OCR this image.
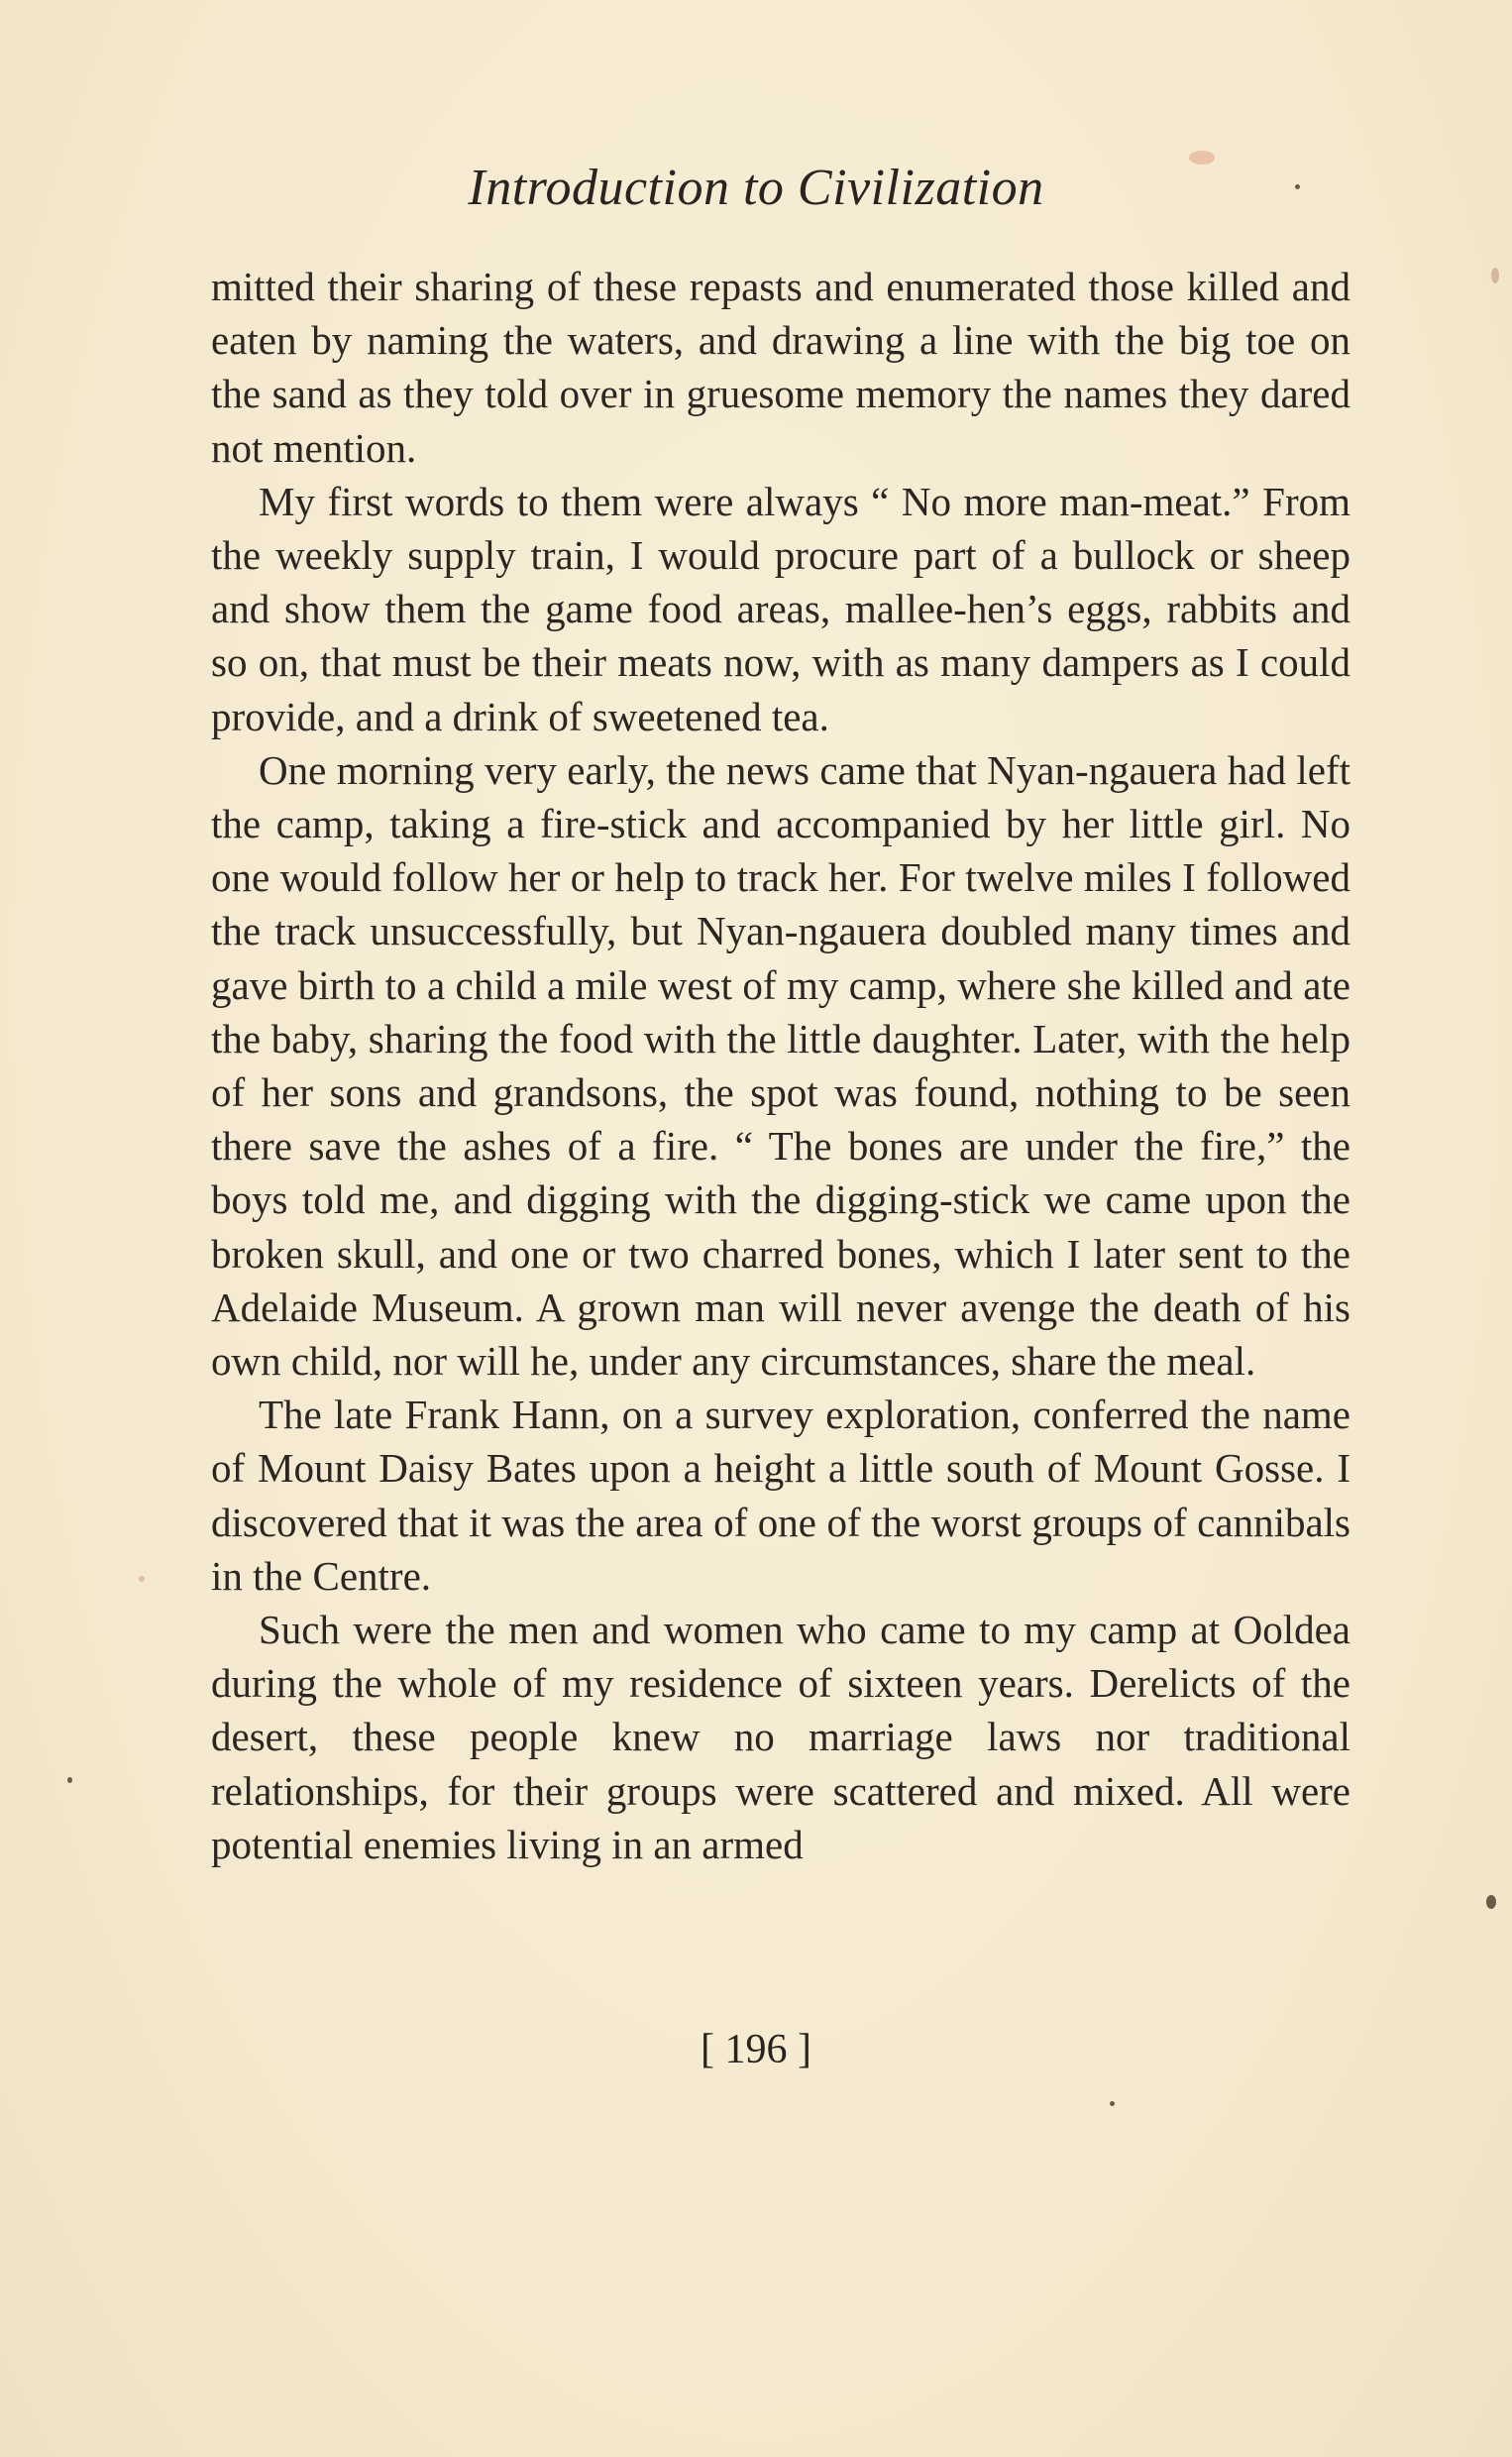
Introduction to Civilization

mitted their sharing of these repasts and enumerated those killed and eaten by naming the waters, and drawing a line with the big toe on the sand as they told over in gruesome memory the names they dared not mention.

My first words to them were always “ No more man-meat.” From the weekly supply train, I would procure part of a bullock or sheep and show them the game food areas, mallee-hen’s eggs, rabbits and so on, that must be their meats now, with as many dampers as I could provide, and a drink of sweetened tea.

One morning very early, the news came that Nyan-ngauera had left the camp, taking a fire-stick and accompanied by her little girl. No one would follow her or help to track her. For twelve miles I followed the track unsuccessfully, but Nyan-ngauera doubled many times and gave birth to a child a mile west of my camp, where she killed and ate the baby, sharing the food with the little daughter. Later, with the help of her sons and grandsons, the spot was found, nothing to be seen there save the ashes of a fire. “ The bones are under the fire,” the boys told me, and digging with the digging-stick we came upon the broken skull, and one or two charred bones, which I later sent to the Adelaide Museum. A grown man will never avenge the death of his own child, nor will he, under any circumstances, share the meal.

The late Frank Hann, on a survey exploration, conferred the name of Mount Daisy Bates upon a height a little south of Mount Gosse. I discovered that it was the area of one of the worst groups of cannibals in the Centre.

Such were the men and women who came to my camp at Ooldea during the whole of my residence of sixteen years. Derelicts of the desert, these people knew no marriage laws nor traditional relationships, for their groups were scattered and mixed. All were potential enemies living in an armed

[ 196 ]
